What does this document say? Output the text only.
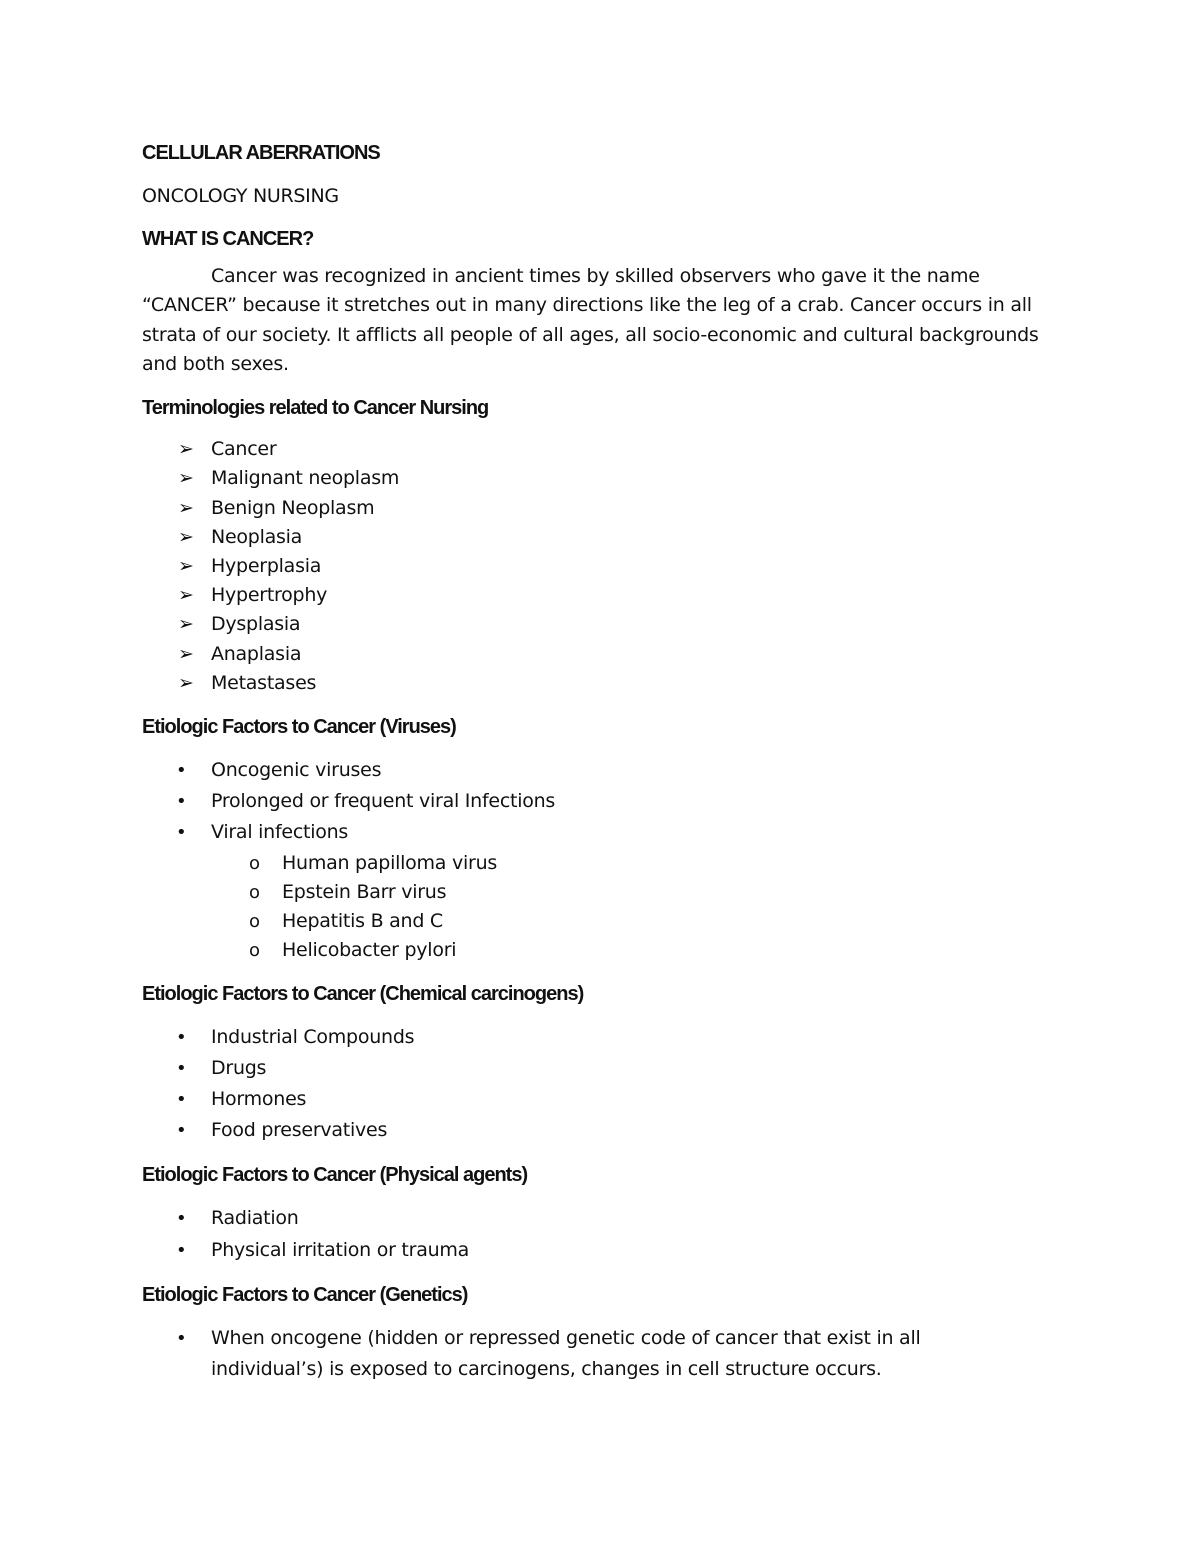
CELLULAR ABERRATIONS

ONCOLOGY NURSING

WHAT IS CANCER?

Cancer was recognized in ancient times by skilled observers who gave it the name “CANCER” because it stretches out in many directions like the leg of a crab. Cancer occurs in all strata of our society. It afflicts all people of all ages, all socio-economic and cultural backgrounds and both sexes.

Terminologies related to Cancer Nursing
➢ Cancer
➢ Malignant neoplasm
➢ Benign Neoplasm
➢ Neoplasia
➢ Hyperplasia
➢ Hypertrophy
➢ Dysplasia
➢ Anaplasia
➢ Metastases
Etiologic Factors to Cancer (Viruses)
• Oncogenic viruses
• Prolonged or frequent viral Infections
• Viral infections
o Human papilloma virus
o Epstein Barr virus
o Hepatitis B and C
o Helicobacter pylori
Etiologic Factors to Cancer (Chemical carcinogens)
• Industrial Compounds
• Drugs
• Hormones
• Food preservatives
Etiologic Factors to Cancer (Physical agents)
• Radiation
• Physical irritation or trauma
Etiologic Factors to Cancer (Genetics)
• When oncogene (hidden or repressed genetic code of cancer that exist in all individual’s) is exposed to carcinogens, changes in cell structure occurs.
